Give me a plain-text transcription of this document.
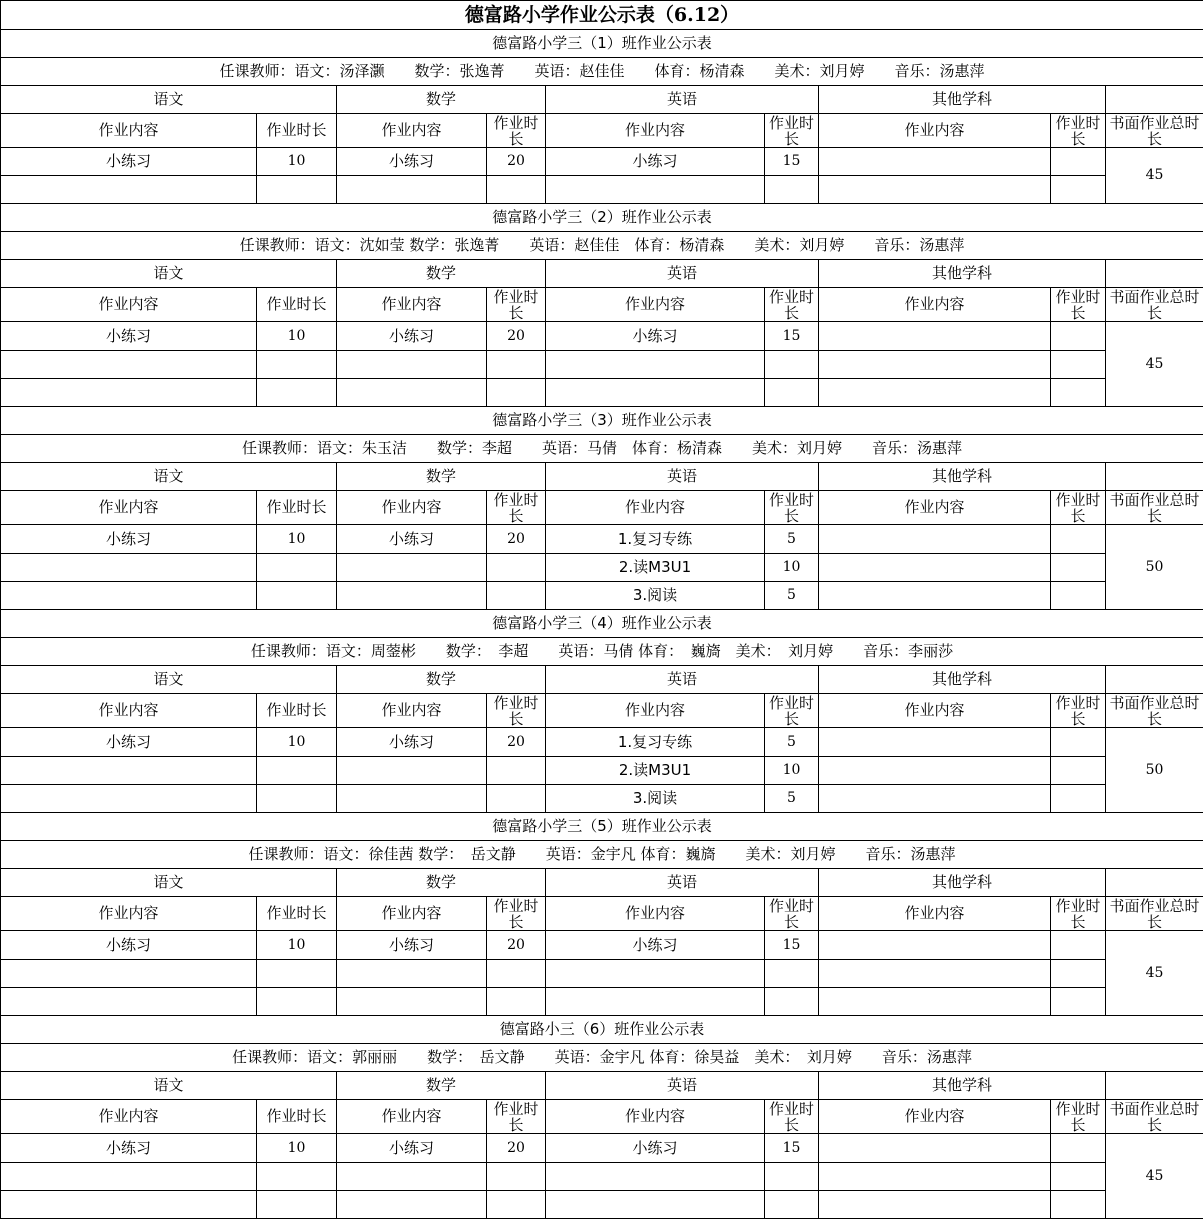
德富路小学作业公示表（6.12）								
德富路小学三（1）班作业公示表								
任课教师：语文：汤泽灏　　数学：张逸菁　　英语：赵佳佳　　体育：杨清森　　美术：刘月婷　　音乐：汤惠萍								
语文		数学		英语		其他学科		
作业内容	作业时长	作业内容	作业时长	作业内容	作业时长	作业内容	作业时长	书面作业总时长

小练习	10	小练习	20	小练习	15			45

德富路小学三（2）班作业公示表								
任课教师：语文：沈如莹 数学：张逸菁　　英语：赵佳佳　体育：杨清森　　美术：刘月婷　　音乐：汤惠萍								
语文		数学		英语		其他学科		
作业内容	作业时长	作业内容	作业时长	作业内容	作业时长	作业内容	作业时长	书面作业总时长

小练习	10	小练习	20	小练习	15			45

德富路小学三（3）班作业公示表								
任课教师：语文：朱玉洁　　数学：李超　　英语：马倩　体育：杨清森　　美术：刘月婷　　音乐：汤惠萍								
语文		数学		英语		其他学科		
作业内容	作业时长	作业内容	作业时长	作业内容	作业时长	作业内容	作业时长	书面作业总时长

小练习	10	小练习	20	1.复习专练	5			50
				2.读M3U1	10			
				3.阅读	5			
德富路小学三（4）班作业公示表								
任课教师：语文：周蓥彬　　数学：　李超　　英语：马倩 体育：　巍旖　美术：　刘月婷　　音乐：李丽莎								
语文		数学		英语		其他学科		
作业内容	作业时长	作业内容	作业时长	作业内容	作业时长	作业内容	作业时长	书面作业总时长

小练习	10	小练习	20	1.复习专练	5			50
				2.读M3U1	10			
				3.阅读	5			
德富路小学三（5）班作业公示表								
任课教师：语文：徐佳茜 数学：　岳文静　　英语：金宇凡 体育：巍旖　　美术：刘月婷　　音乐：汤惠萍								
语文		数学		英语		其他学科		
作业内容	作业时长	作业内容	作业时长	作业内容	作业时长	作业内容	作业时长	书面作业总时长

小练习	10	小练习	20	小练习	15			45

德富路小三（6）班作业公示表								
任课教师：语文：郭丽丽　　数学：　岳文静　　英语：金宇凡 体育：徐昊益　美术：　刘月婷　　音乐：汤惠萍								
语文		数学		英语		其他学科		
作业内容	作业时长	作业内容	作业时长	作业内容	作业时长	作业内容	作业时长	书面作业总时长

小练习	10	小练习	20	小练习	15			45
